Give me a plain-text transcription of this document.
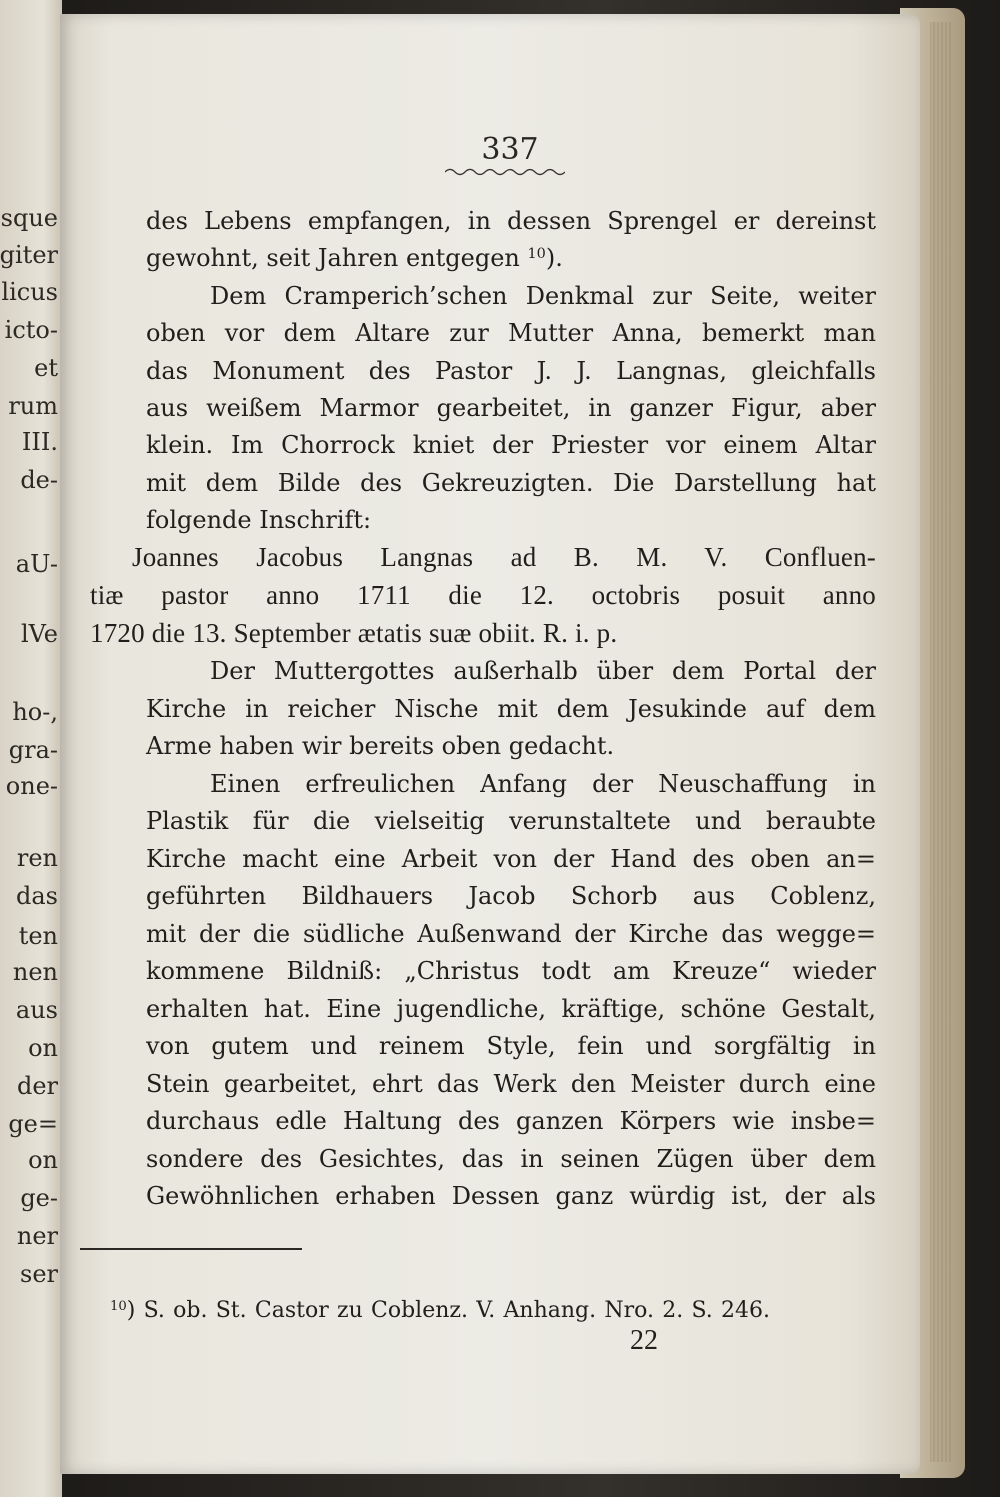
sque
giter
licus
icto-
et
rum
III.
de-
aU-
lVe
ho-,
gra-
one-
ren
das
ten
nen
aus
on
der
ge=
on
ge-
ner
ser
337
des Lebens empfangen, in dessen Sprengel er dereinst
gewohnt, seit Jahren entgegen $^{10}$).
Dem Cramperich’schen Denkmal zur Seite, weiter
oben vor dem Altare zur Mutter Anna, bemerkt man
das Monument des Pastor J. J. Langnas, gleichfalls
aus weißem Marmor gearbeitet, in ganzer Figur, aber
klein. Im Chorrock kniet der Priester vor einem Altar
mit dem Bilde des Gekreuzigten. Die Darstellung hat
folgende Inschrift:
Joannes Jacobus Langnas ad B. M. V. Confluen-
tiæ pastor anno 1711 die 12. octobris posuit anno
1720 die 13. September ætatis suæ obiit. R. i. p.
Der Muttergottes außerhalb über dem Portal der
Kirche in reicher Nische mit dem Jesukinde auf dem
Arme haben wir bereits oben gedacht.
Einen erfreulichen Anfang der Neuschaffung in
Plastik für die vielseitig verunstaltete und beraubte
Kirche macht eine Arbeit von der Hand des oben an=
geführten Bildhauers Jacob Schorb aus Coblenz,
mit der die südliche Außenwand der Kirche das wegge=
kommene Bildniß: „Christus todt am Kreuze“ wieder
erhalten hat. Eine jugendliche, kräftige, schöne Gestalt,
von gutem und reinem Style, fein und sorgfältig in
Stein gearbeitet, ehrt das Werk den Meister durch eine
durchaus edle Haltung des ganzen Körpers wie insbe=
sondere des Gesichtes, das in seinen Zügen über dem
Gewöhnlichen erhaben Dessen ganz würdig ist, der als
$^{10}$) S. ob. St. Castor zu Coblenz. V. Anhang. Nro. 2. S. 246.
22
